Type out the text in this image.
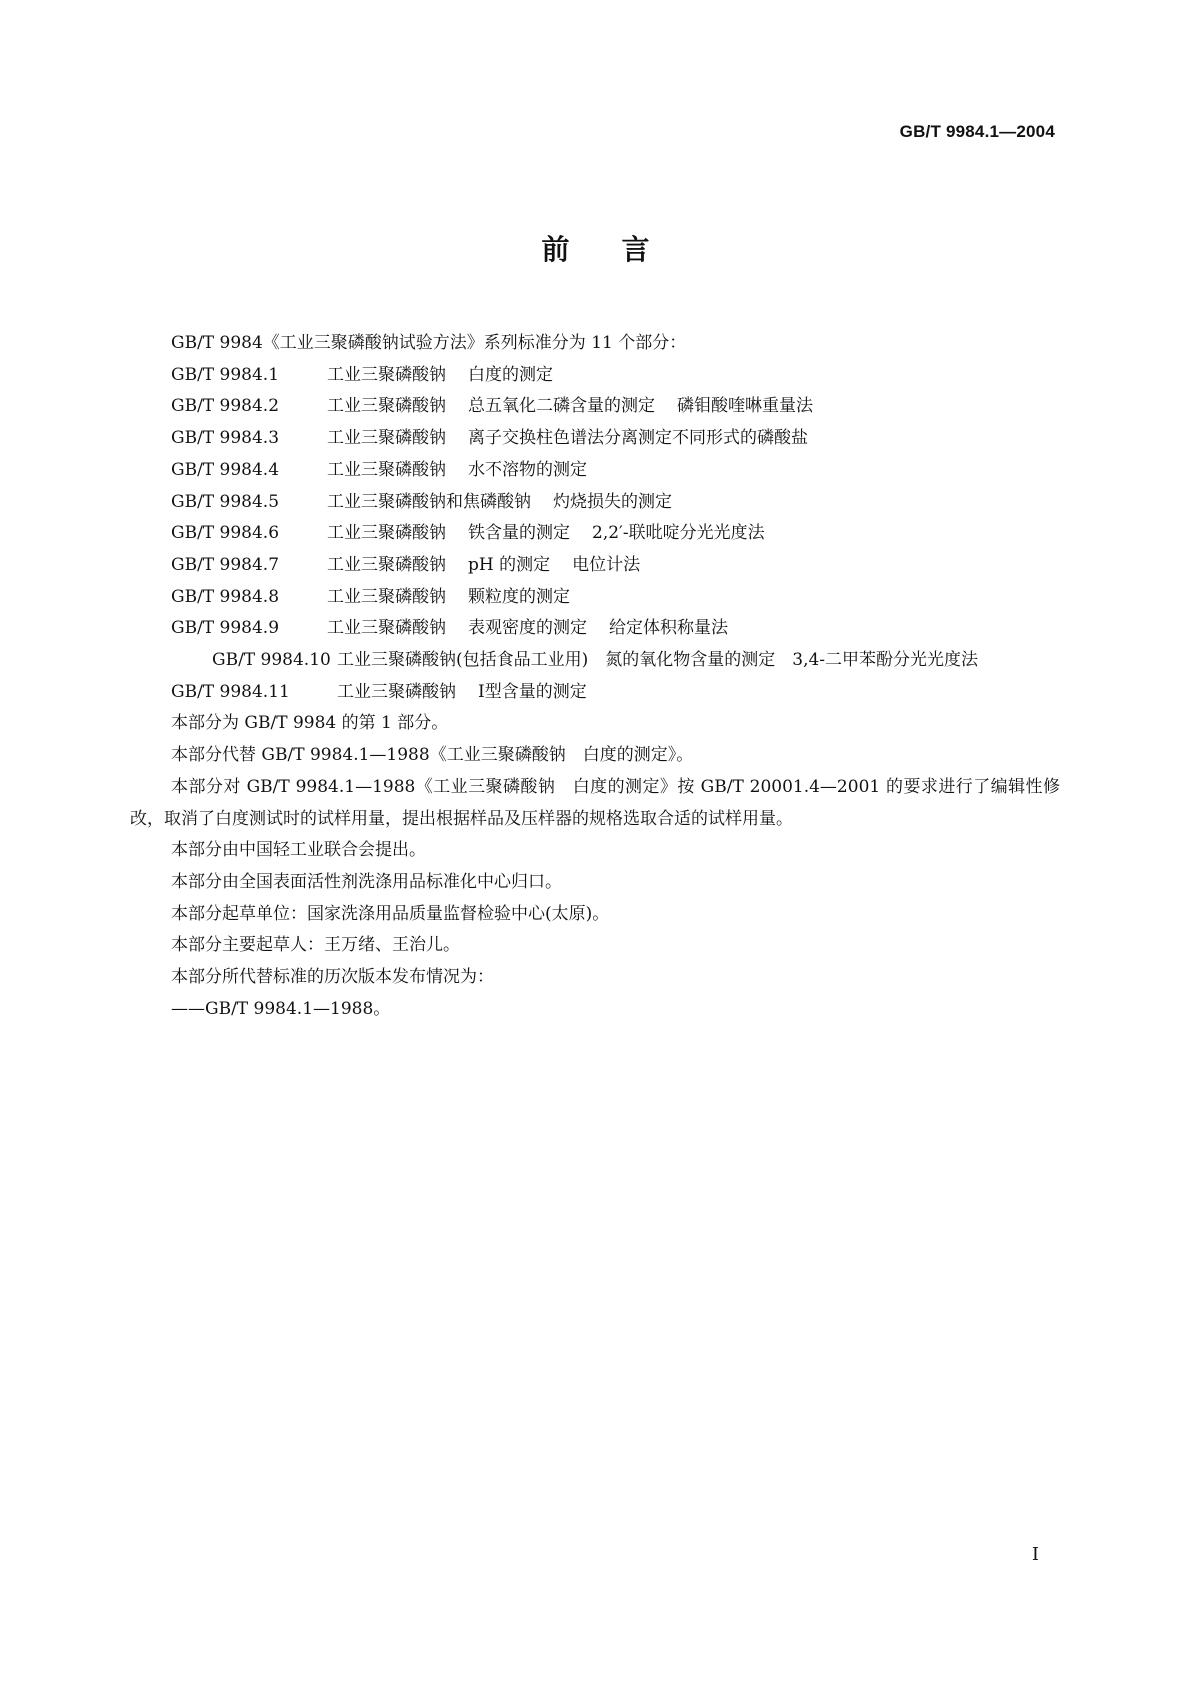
GB/T 9984.1—2004
前 言
GB/T 9984《工业三聚磷酸钠试验方法》系列标准分为 11 个部分：
GB/T 9984.1	工业三聚磷酸钠 白度的测定
GB/T 9984.2	工业三聚磷酸钠 总五氧化二磷含量的测定 磷钼酸喹啉重量法
GB/T 9984.3	工业三聚磷酸钠 离子交换柱色谱法分离测定不同形式的磷酸盐
GB/T 9984.4	工业三聚磷酸钠 水不溶物的测定
GB/T 9984.5	工业三聚磷酸钠和焦磷酸钠 灼烧损失的测定
GB/T 9984.6	工业三聚磷酸钠 铁含量的测定 2,2′-联吡啶分光光度法
GB/T 9984.7	工业三聚磷酸钠 pH 的测定 电位计法
GB/T 9984.8	工业三聚磷酸钠 颗粒度的测定
GB/T 9984.9	工业三聚磷酸钠 表观密度的测定 给定体积称量法
GB/T 9984.10 工业三聚磷酸钠(包括食品工业用)　氮的氧化物含量的测定　3,4-二甲苯酚分光光度法
GB/T 9984.11	工业三聚磷酸钠 Ⅰ型含量的测定
本部分为 GB/T 9984 的第 1 部分。
本部分代替 GB/T 9984.1—1988《工业三聚磷酸钠　白度的测定》。
本部分对 GB/T 9984.1—1988《工业三聚磷酸钠　白度的测定》按 GB/T 20001.4—2001 的要求进行了编辑性修改，取消了白度测试时的试样用量，提出根据样品及压样器的规格选取合适的试样用量。
本部分由中国轻工业联合会提出。
本部分由全国表面活性剂洗涤用品标准化中心归口。
本部分起草单位：国家洗涤用品质量监督检验中心(太原)。
本部分主要起草人：王万绪、王治儿。
本部分所代替标准的历次版本发布情况为：
——GB/T 9984.1—1988。
I
